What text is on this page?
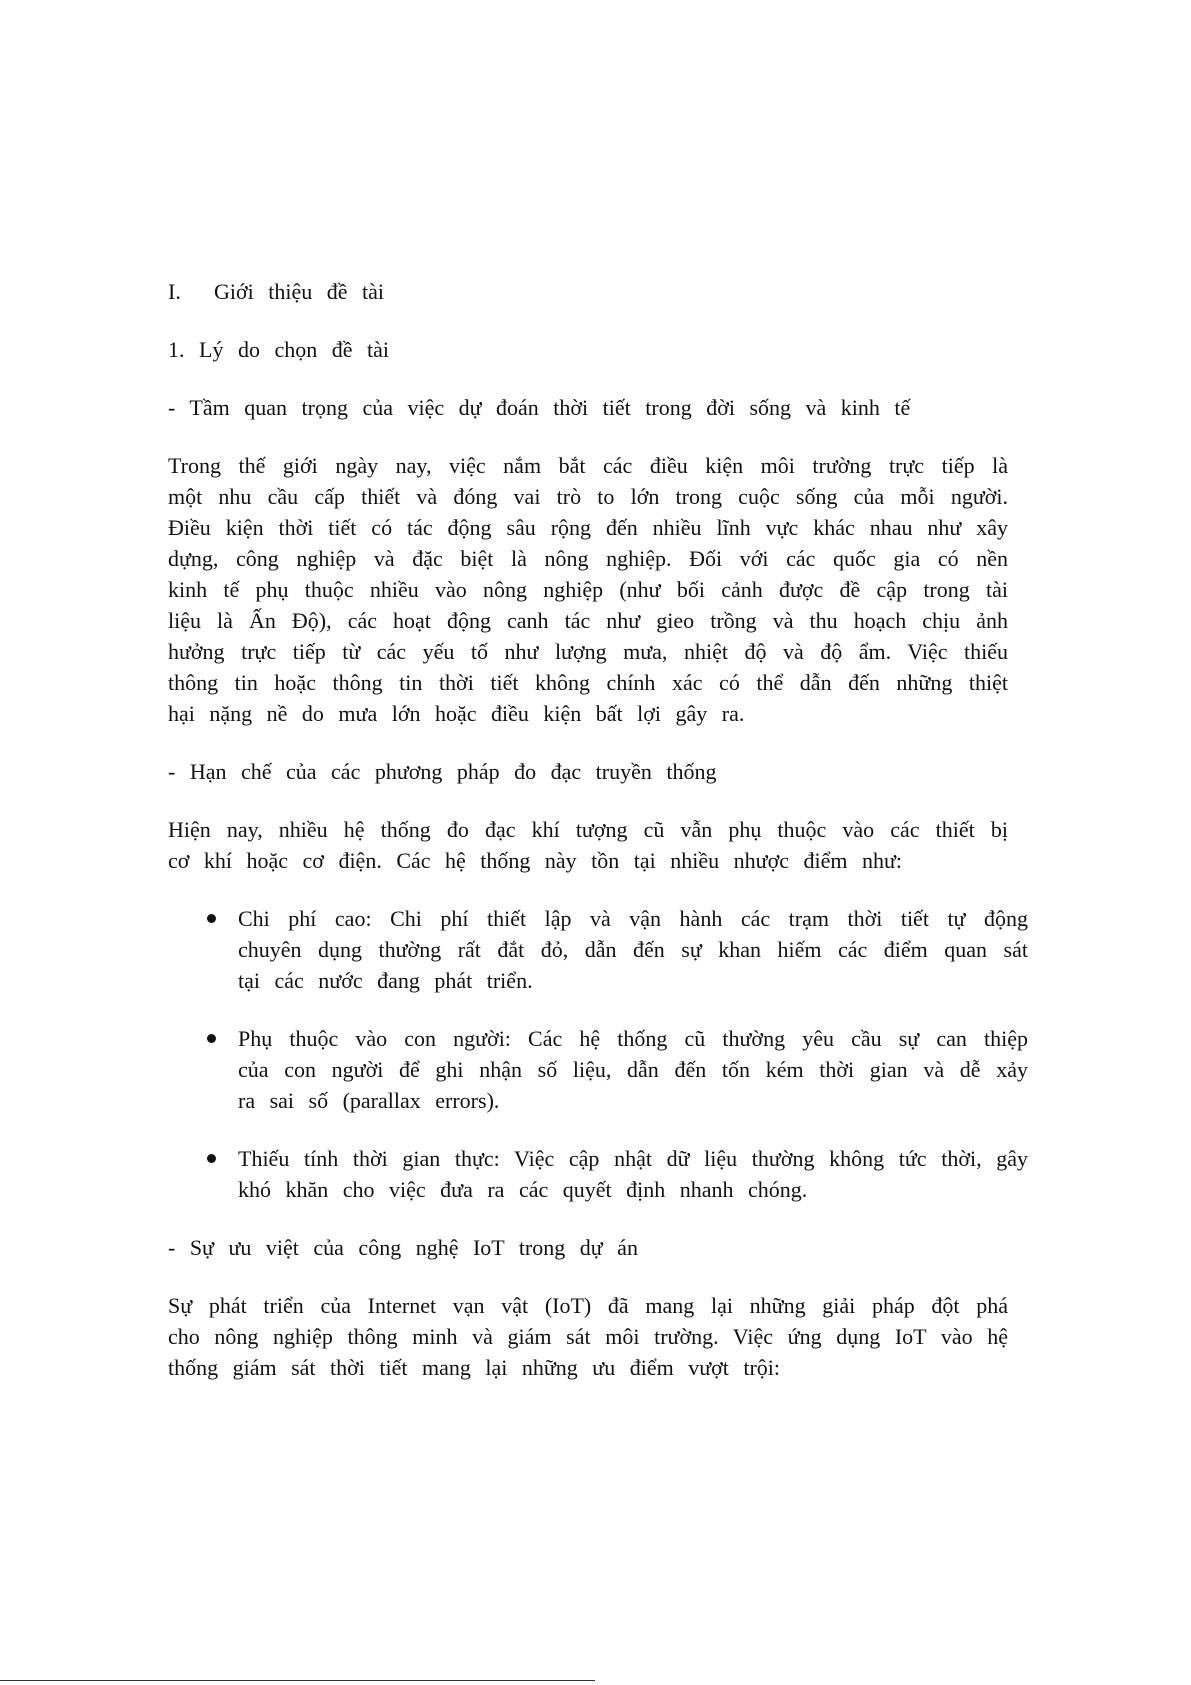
I.	Giới thiệu đề tài
1. Lý do chọn đề tài
- Tầm quan trọng của việc dự đoán thời tiết trong đời sống và kinh tế

Trong thế giới ngày nay, việc nắm bắt các điều kiện môi trường trực tiếp là một nhu cầu cấp thiết và đóng vai trò to lớn trong cuộc sống của mỗi người. Điều kiện thời tiết có tác động sâu rộng đến nhiều lĩnh vực khác nhau như xây dựng, công nghiệp và đặc biệt là nông nghiệp. Đối với các quốc gia có nền kinh tế phụ thuộc nhiều vào nông nghiệp (như bối cảnh được đề cập trong tài liệu là Ấn Độ), các hoạt động canh tác như gieo trồng và thu hoạch chịu ảnh hưởng trực tiếp từ các yếu tố như lượng mưa, nhiệt độ và độ ẩm. Việc thiếu thông tin hoặc thông tin thời tiết không chính xác có thể dẫn đến những thiệt hại nặng nề do mưa lớn hoặc điều kiện bất lợi gây ra.

- Hạn chế của các phương pháp đo đạc truyền thống

Hiện nay, nhiều hệ thống đo đạc khí tượng cũ vẫn phụ thuộc vào các thiết bị cơ khí hoặc cơ điện. Các hệ thống này tồn tại nhiều nhược điểm như:

Chi phí cao: Chi phí thiết lập và vận hành các trạm thời tiết tự động chuyên dụng thường rất đắt đỏ, dẫn đến sự khan hiếm các điểm quan sát tại các nước đang phát triển.
Phụ thuộc vào con người: Các hệ thống cũ thường yêu cầu sự can thiệp của con người để ghi nhận số liệu, dẫn đến tốn kém thời gian và dễ xảy ra sai số (parallax errors).
Thiếu tính thời gian thực: Việc cập nhật dữ liệu thường không tức thời, gây khó khăn cho việc đưa ra các quyết định nhanh chóng.
- Sự ưu việt của công nghệ IoT trong dự án

Sự phát triển của Internet vạn vật (IoT) đã mang lại những giải pháp đột phá cho nông nghiệp thông minh và giám sát môi trường. Việc ứng dụng IoT vào hệ thống giám sát thời tiết mang lại những ưu điểm vượt trội:
